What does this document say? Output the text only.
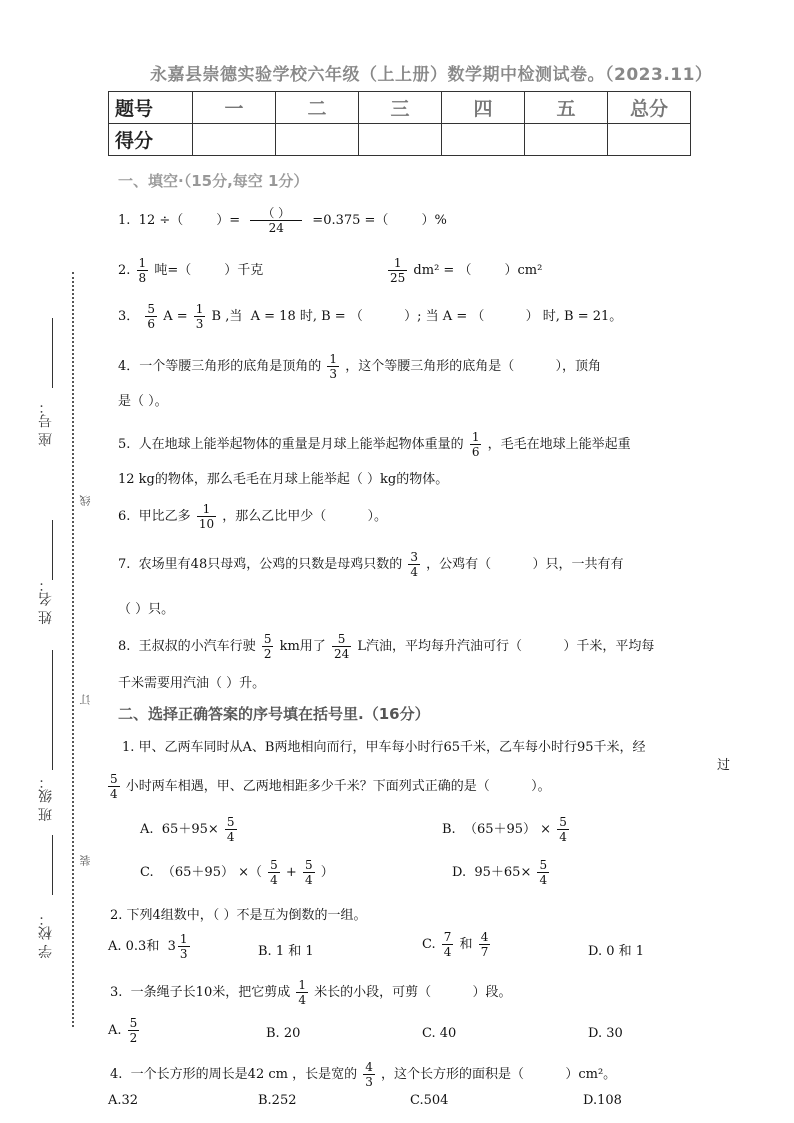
永嘉县崇德实验学校六年级（上上册）数学期中检测试卷。（2023.11）
题号	一	二	三	四	五	总分
得分						
座 号：
姓 名：
班 级：
学 校：
线
订
装
一、填空·（15分,每空 1分）
1.  12 ÷（        ）= $\frac{( )}{24} =0.375$ =（        ）%
2. $\frac{1}{8}$ 吨=（        ）千克	$\frac{1}{25} dm^2$ = （        ）cm²
3． $\frac{5}{6}$ $A = \frac{1}{3}$ B ,当  A = 18 时, B = （          ）; 当 A = （          ） 时, B = 21。
4．一个等腰三角形的底角是顶角的 $\frac{1}{3}$ ，这个等腰三角形的底角是（          ），顶角
是（ ）。
5.  人在地球上能举起物体的重量是月球上能举起物体重量的 $\frac{1}{6}$ ，毛毛在地球上能举起重
12 kg的物体，那么毛毛在月球上能举起（ ）kg的物体。
6.  甲比乙多 $\frac{1}{10}$ ，那么乙比甲少（          ）。
7.  农场里有48只母鸡，公鸡的只数是母鸡只数的 $\frac{3}{4}$ ，公鸡有（          ）只，一共有有
（ ）只。
8.  王叔叔的小汽车行驶 $\frac{5}{2}$ km用了 $\frac{5}{24}$ L汽油，平均每升汽油可行（          ）千米，平均每
千米需要用汽油（ ）升。
二、选择正确答案的序号填在括号里.（16分）
1. 甲、乙两车同时从A、B两地相向而行，甲车每小时行65千米，乙车每小时行95千米，经
过
$\frac{5}{4}$ 小时两车相遇，甲、乙两地相距多少千米？下面列式正确的是（          ）。
A.  $65+95\times \frac{5}{4}$	B.  $(65+95) \times \frac{5}{4}$
C.  （65＋95） ×（ $\frac{5}{4} + \frac{5}{4}$ ）	D.  $95+65\times \frac{5}{4}$
2. 下列4组数中，（ ）不是互为倒数的一组。
A. 0.3和  $3 \frac{1}{3}$	B. 1 和 1	C. $\frac{7}{4}$ 和 $\frac{4}{7}$	D. 0 和 1
3.  一条绳子长10米，把它剪成 $\frac{1}{4}$ 米长的小段，可剪（          ）段。
A. $\frac{5}{2}$	B. 20	C. 40	D. 30
4.  一个长方形的周长是42 cm ，长是宽的 $\frac{4}{3}$ ，这个长方形的面积是（          ）cm²。
A.32	B.252	C.504	D.108
